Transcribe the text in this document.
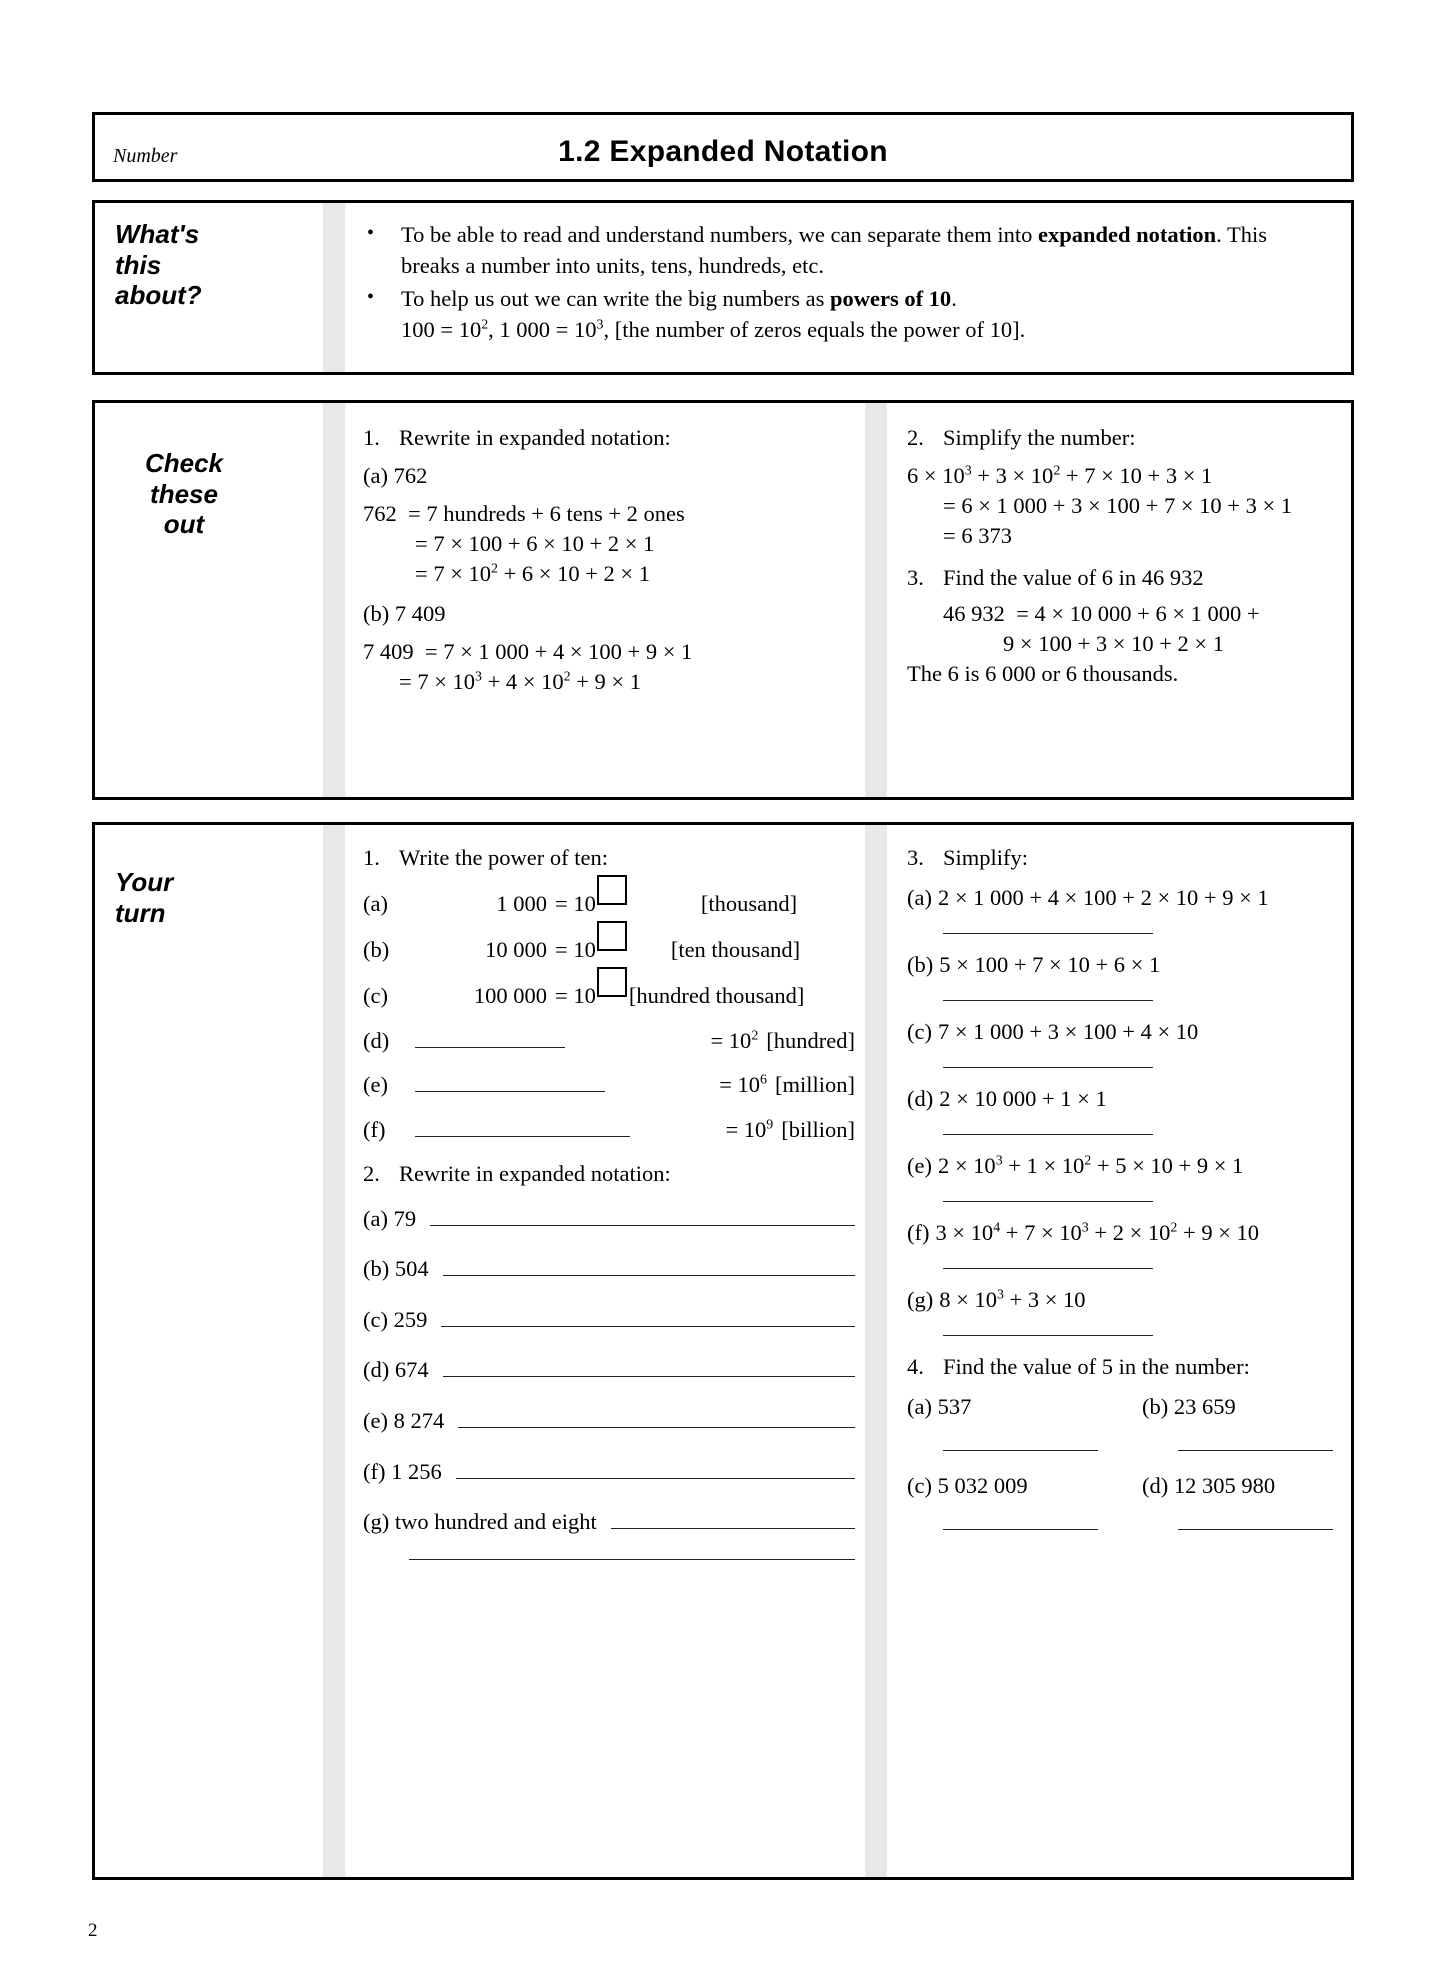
Number	1.2 Expanded Notation
What's
this
about?
•	To be able to read and understand numbers, we can separate them into expanded notation. This breaks a number into units, tens, hundreds, etc.
•	To help us out we can write the big numbers as powers of 10.
$100 = 10^2$, 1 $000 = 10^3$, [the number of zeros equals the power of 10].
Check
these
out
1. Rewrite in expanded notation:
(a) 762
762 = 7 hundreds + 6 tens + 2 ones
= 7 × 100 + 6 × 10 + 2 × 1
= $7 \times 10^2 + 6 \times 10 + 2 \times 1$
(b) 7 409
7 409 = 7 × 1 000 + 4 × 100 + 9 × 1
= $7 \times 10^3 + 4 \times 10^2 + 9 \times 1$
2. Simplify the number:
$6 \times 10^3 + 3 \times 10^2 + 7 \times 10 + 3 \times 1$
= 6 × 1 000 + 3 × 100 + 7 × 10 + 3 × 1
= 6 373
3. Find the value of 6 in 46 932
46 932 = 4 × 10 000 + 6 × 1 000 +
9 × 100 + 3 × 10 + 2 × 1
The 6 is 6 000 or 6 thousands.
Your
turn
1. Write the power of ten:
(a)	1 000 = 10	[thousand]
(b)	10 000 = 10	[ten thousand]
(c)	100 000 = 10 [hundred thousand]
(d)	= $10^2$ [hundred]
(e)	= $10^6$ [million]
(f)	= $10^9$ [billion]
2. Rewrite in expanded notation:
(a) 79
(b) 504
(c) 259
(d) 674
(e) 8 274
(f) 1 256
(g) two hundred and eight
3. Simplify:
(a) 2 × 1 000 + 4 × 100 + 2 × 10 + 9 × 1
(b) 5 × 100 + 7 × 10 + 6 × 1
(c) 7 × 1 000 + 3 × 100 + 4 × 10
(d) 2 × 10 000 + 1 × 1
(e) $2 \times 10^3 + 1 \times 10^2 + 5 \times 10 + 9 \times 1$
(f) $3 \times 10^4 + 7 \times 10^3 + 2 \times 10^2 + 9 \times 10$
(g) $8 \times 10^3 + 3 \times 10$
4. Find the value of 5 in the number:
(a) 537	(b) 23 659
(c) 5 032 009	(d) 12 305 980
2
